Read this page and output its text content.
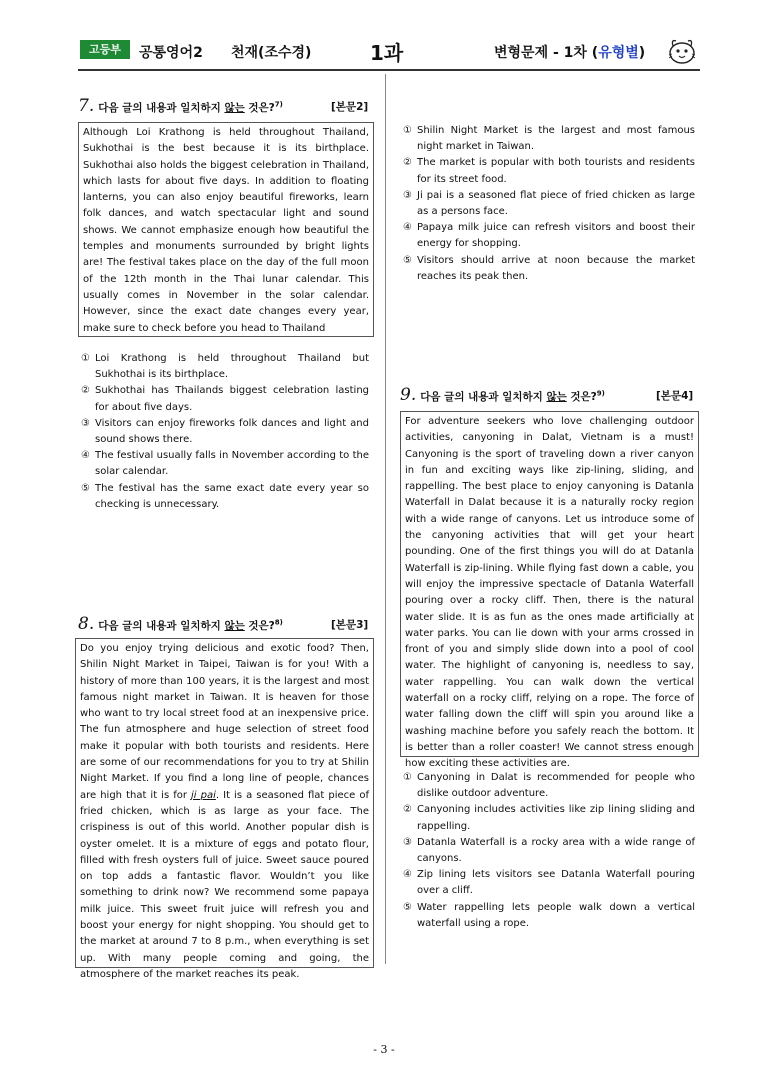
고등부	공통영어2 천재(조수경)	1과	변형문제 - 1차 (유형별)
7. 다음 글의 내용과 일치하지 않는 것은?$^{7)}$	[본문2]
Although Loi Krathong is held throughout Thailand, Sukhothai is the best because it is its birthplace. Sukhothai also holds the biggest celebration in Thailand, which lasts for about five days. In addition to floating lanterns, you can also enjoy beautiful fireworks, learn folk dances, and watch spectacular light and sound shows. We cannot emphasize enough how beautiful the temples and monuments surrounded by bright lights are! The festival takes place on the day of the full moon of the 12th month in the Thai lunar calendar. This usually comes in November in the solar calendar. However, since the exact date changes every year, make sure to check before you head to Thailand
① Loi Krathong is held throughout Thailand but Sukhothai is its birthplace.
② Sukhothai has Thailands biggest celebration lasting for about five days.
③ Visitors can enjoy fireworks folk dances and light and sound shows there.
④ The festival usually falls in November according to the solar calendar.
⑤ The festival has the same exact date every year so checking is unnecessary.
8. 다음 글의 내용과 일치하지 않는 것은?$^{8)}$	[본문3]
Do you enjoy trying delicious and exotic food? Then, Shilin Night Market in Taipei, Taiwan is for you! With a history of more than 100 years, it is the largest and most famous night market in Taiwan. It is heaven for those who want to try local street food at an inexpensive price. The fun atmosphere and huge selection of street food make it popular with both tourists and residents. Here are some of our recommendations for you to try at Shilin Night Market. If you find a long line of people, chances are high that it is for ji pai. It is a seasoned flat piece of fried chicken, which is as large as your face. The crispiness is out of this world. Another popular dish is oyster omelet. It is a mixture of eggs and potato flour, filled with fresh oysters full of juice. Sweet sauce poured on top adds a fantastic flavor. Wouldn’t you like something to drink now? We recommend some papaya milk juice. This sweet fruit juice will refresh you and boost your energy for night shopping. You should get to the market at around 7 to 8 p.m., when everything is set up. With many people coming and going, the atmosphere of the market reaches its peak.
① Shilin Night Market is the largest and most famous night market in Taiwan.
② The market is popular with both tourists and residents for its street food.
③ Ji pai is a seasoned flat piece of fried chicken as large as a persons face.
④ Papaya milk juice can refresh visitors and boost their energy for shopping.
⑤ Visitors should arrive at noon because the market reaches its peak then.
9. 다음 글의 내용과 일치하지 않는 것은?$^{9)}$	[본문4]
For adventure seekers who love challenging outdoor activities, canyoning in Dalat, Vietnam is a must! Canyoning is the sport of traveling down a river canyon in fun and exciting ways like zip-lining, sliding, and rappelling. The best place to enjoy canyoning is Datanla Waterfall in Dalat because it is a naturally rocky region with a wide range of canyons. Let us introduce some of the canyoning activities that will get your heart pounding. One of the first things you will do at Datanla Waterfall is zip-lining. While flying fast down a cable, you will enjoy the impressive spectacle of Datanla Waterfall pouring over a rocky cliff. Then, there is the natural water slide. It is as fun as the ones made artificially at water parks. You can lie down with your arms crossed in front of you and simply slide down into a pool of cool water. The highlight of canyoning is, needless to say, water rappelling. You can walk down the vertical waterfall on a rocky cliff, relying on a rope. The force of water falling down the cliff will spin you around like a washing machine before you safely reach the bottom. It is better than a roller coaster! We cannot stress enough how exciting these activities are.
① Canyoning in Dalat is recommended for people who dislike outdoor adventure.
② Canyoning includes activities like zip lining sliding and rappelling.
③ Datanla Waterfall is a rocky area with a wide range of canyons.
④ Zip lining lets visitors see Datanla Waterfall pouring over a cliff.
⑤ Water rappelling lets people walk down a vertical waterfall using a rope.
- 3 -
